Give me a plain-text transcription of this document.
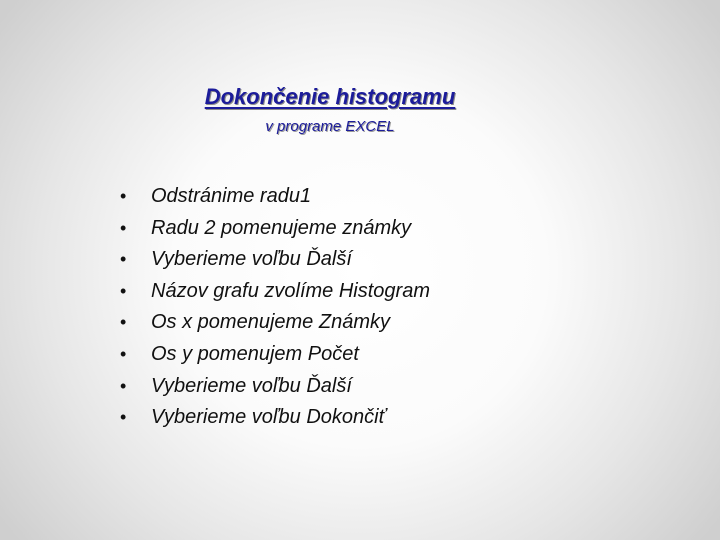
Dokončenie histogramu
v programe EXCEL
•	Odstránime radu1
•	Radu 2 pomenujeme známky
•	Vyberieme voľbu Ďalší
•	Názov grafu zvolíme Histogram
•	Os x pomenujeme Známky
•	Os y pomenujem Počet
•	Vyberieme voľbu Ďalší
•	Vyberieme voľbu Dokončiť
